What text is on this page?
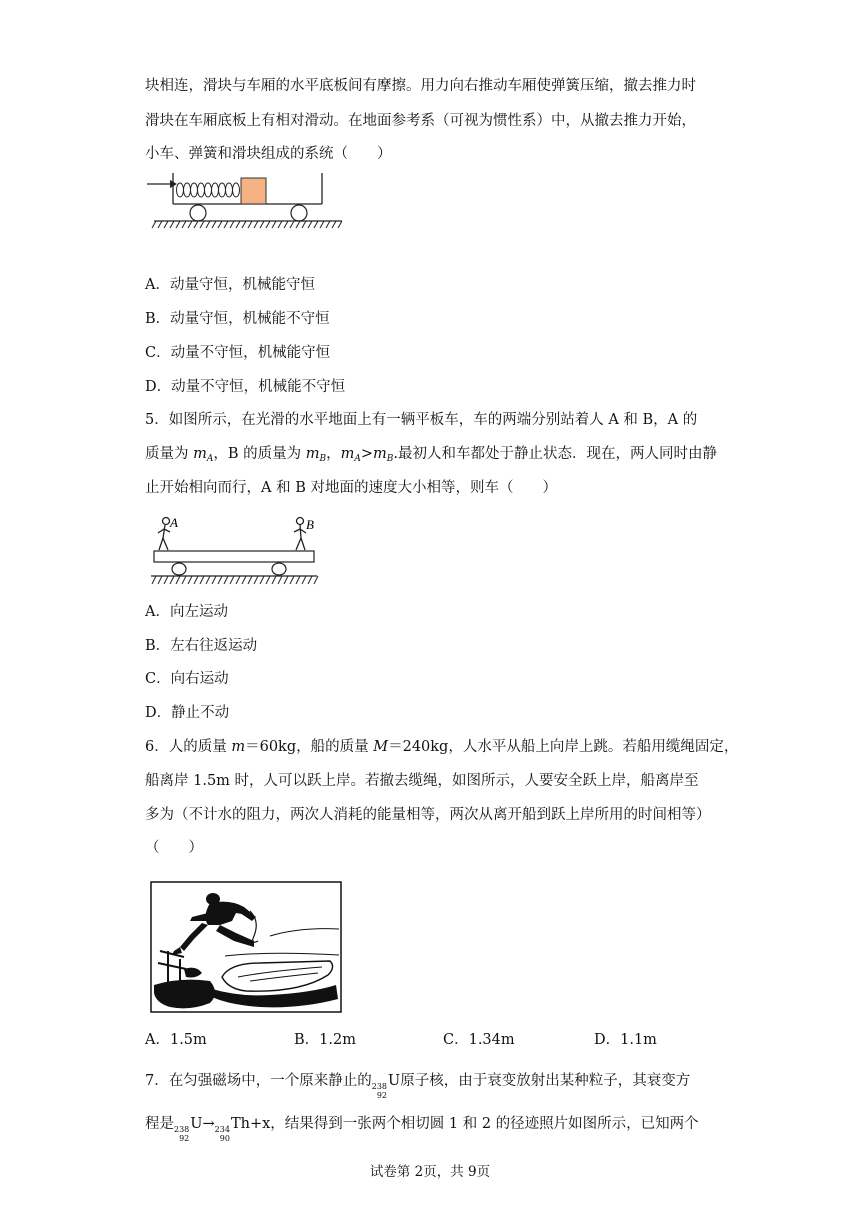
块相连，滑块与车厢的水平底板间有摩擦。用力向右推动车厢使弹簧压缩，撤去推力时
滑块在车厢底板上有相对滑动。在地面参考系（可视为惯性系）中，从撤去推力开始，
小车、弹簧和滑块组成的系统（　　）
A．动量守恒，机械能守恒
B．动量守恒，机械能不守恒
C．动量不守恒，机械能守恒
D．动量不守恒，机械能不守恒
5．如图所示，在光滑的水平地面上有一辆平板车，车的两端分别站着人 A 和 B，A 的
质量为 $m_A$，B 的质量为 $m_B$，$m_A>m_B$.最初人和车都处于静止状态．现在，两人同时由静
止开始相向而行，A 和 B 对地面的速度大小相等，则车（　　）
A	B
A．向左运动
B．左右往返运动
C．向右运动
D．静止不动
6．人的质量 m＝60kg，船的质量 M＝240kg，人水平从船上向岸上跳。若船用缆绳固定，
船离岸 1.5m 时，人可以跃上岸。若撤去缆绳，如图所示，人要安全跃上岸，船离岸至
多为（不计水的阻力，两次人消耗的能量相等，两次从离开船到跃上岸所用的时间相等）
（　　）
A．1.5m	B．1.2m	C．1.34m	D．1.1m
7．在匀强磁场中，一个原来静止的 238
92
U原子核，由于衰变放射出某种粒子，其衰变方
程是 238
92
U→ 234
90
Th+x，结果得到一张两个相切圆 1 和 2 的径迹照片如图所示，已知两个
试卷第 2页，共 9页
